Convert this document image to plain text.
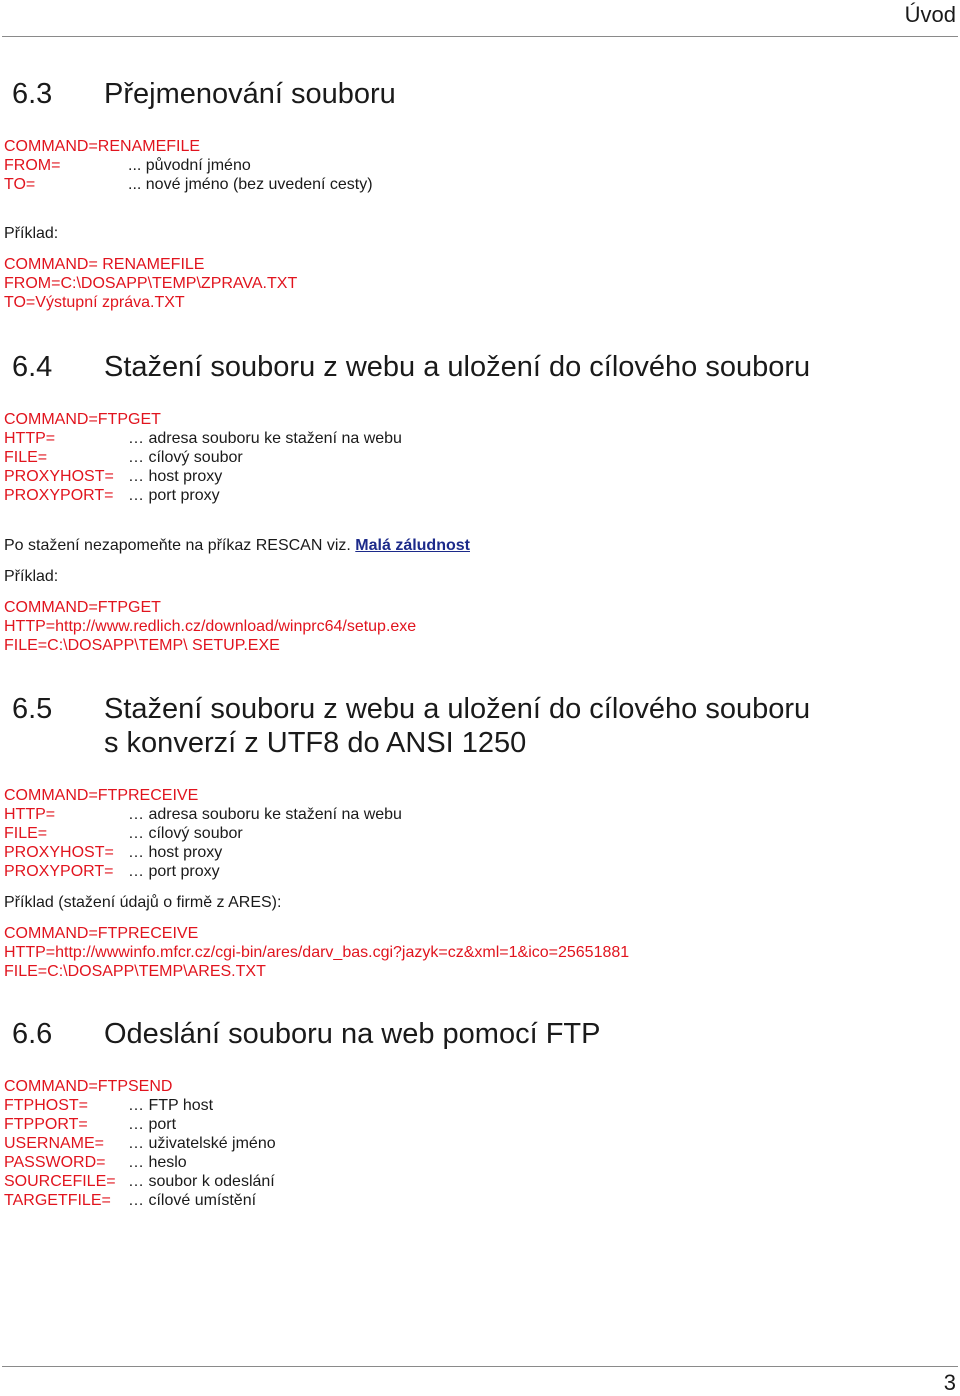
Úvod
6.3 Přejmenování souboru
COMMAND=RENAMEFILE
FROM=	... původní jméno
TO=	... nové jméno (bez uvedení cesty)
Příklad:
COMMAND= RENAMEFILE
FROM=C:\DOSAPP\TEMP\ZPRAVA.TXT
TO=Výstupní zpráva.TXT
6.4 Stažení souboru z webu a uložení do cílového souboru
COMMAND=FTPGET
HTTP=	… adresa souboru ke stažení na webu
FILE=	… cílový soubor
PROXYHOST= … host proxy
PROXYPORT= … port proxy
Po stažení nezapomeňte na příkaz RESCAN viz. Malá záludnost
Příklad:
COMMAND=FTPGET
HTTP=http://www.redlich.cz/download/winprc64/setup.exe
FILE=C:\DOSAPP\TEMP\ SETUP.EXE
6.5 Stažení souboru z webu a uložení do cílového souboru
s konverzí z UTF8 do ANSI 1250
COMMAND=FTPRECEIVE
HTTP=	… adresa souboru ke stažení na webu
FILE=	… cílový soubor
PROXYHOST= … host proxy
PROXYPORT= … port proxy
Příklad (stažení údajů o firmě z ARES):
COMMAND=FTPRECEIVE
HTTP=http://wwwinfo.mfcr.cz/cgi-bin/ares/darv_bas.cgi?jazyk=cz&xml=1&ico=25651881
FILE=C:\DOSAPP\TEMP\ARES.TXT
6.6 Odeslání souboru na web pomocí FTP
COMMAND=FTPSEND
FTPHOST= … FTP host
FTPPORT=	… port
USERNAME= … uživatelské jméno
PASSWORD= … heslo
SOURCEFILE= … soubor k odeslání
TARGETFILE= … cílové umístění
3
